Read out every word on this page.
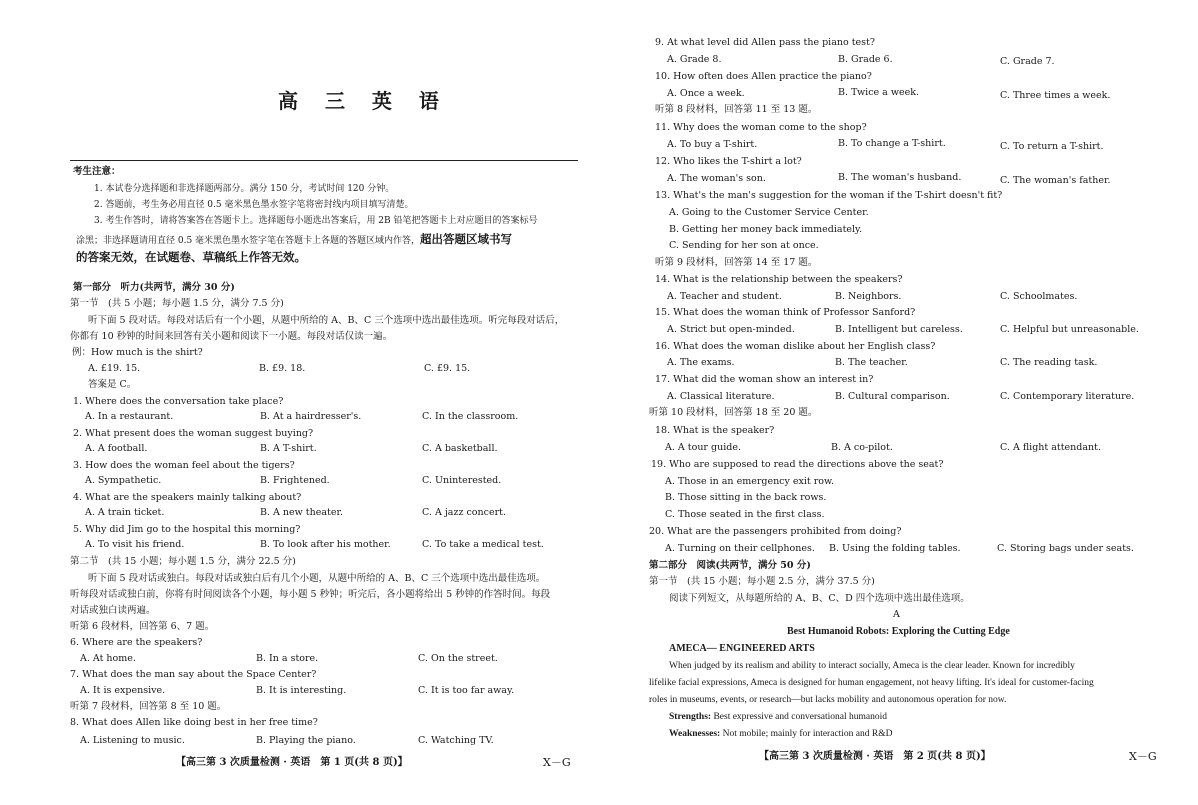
高 三 英 语
考生注意：
1. 本试卷分选择题和非选择题两部分。满分 150 分，考试时间 120 分钟。
2. 答题前，考生务必用直径 0.5 毫米黑色墨水签字笔将密封线内项目填写清楚。
3. 考生作答时，请将答案答在答题卡上。选择题每小题选出答案后，用 2B 铅笔把答题卡上对应题目的答案标号
涂黑；非选择题请用直径 0.5 毫米黑色墨水签字笔在答题卡上各题的答题区域内作答，超出答题区域书写
的答案无效，在试题卷、草稿纸上作答无效。
第一部分　听力(共两节，满分 30 分)
第一节　(共 5 小题；每小题 1.5 分，满分 7.5 分)
听下面 5 段对话。每段对话后有一个小题，从题中所给的 A、B、C 三个选项中选出最佳选项。听完每段对话后，
你都有 10 秒钟的时间来回答有关小题和阅读下一小题。每段对话仅读一遍。
例：How much is the shirt?
A. £19. 15.	B. £9. 18.	C. £9. 15.
答案是 C。
1. Where does the conversation take place?
A. In a restaurant.	B. At a hairdresser's.	C. In the classroom.
2. What present does the woman suggest buying?
A. A football.	B. A T-shirt.	C. A basketball.
3. How does the woman feel about the tigers?
A. Sympathetic.	B. Frightened.	C. Uninterested.
4. What are the speakers mainly talking about?
A. A train ticket.	B. A new theater.	C. A jazz concert.
5. Why did Jim go to the hospital this morning?
A. To visit his friend.	B. To look after his mother.	C. To take a medical test.
第二节　(共 15 小题；每小题 1.5 分，满分 22.5 分)
听下面 5 段对话或独白。每段对话或独白后有几个小题，从题中所给的 A、B、C 三个选项中选出最佳选项。
听每段对话或独白前，你将有时间阅读各个小题，每小题 5 秒钟；听完后，各小题将给出 5 秒钟的作答时间。每段
对话或独白读两遍。
听第 6 段材料，回答第 6、7 题。
6. Where are the speakers?
A. At home.	B. In a store.	C. On the street.
7. What does the man say about the Space Center?
A. It is expensive.	B. It is interesting.	C. It is too far away.
听第 7 段材料，回答第 8 至 10 题。
8. What does Allen like doing best in her free time?
A. Listening to music.	B. Playing the piano.	C. Watching TV.
【高三第 3 次质量检测 · 英语　第 1 页(共 8 页)】	X－G
9. At what level did Allen pass the piano test?
A. Grade 8.	B. Grade 6.	C. Grade 7.
10. How often does Allen practice the piano?
A. Once a week.	B. Twice a week.	C. Three times a week.
听第 8 段材料，回答第 11 至 13 题。
11. Why does the woman come to the shop?
A. To buy a T-shirt.	B. To change a T-shirt.	C. To return a T-shirt.
12. Who likes the T-shirt a lot?
A. The woman's son.	B. The woman's husband.	C. The woman's father.
13. What's the man's suggestion for the woman if the T-shirt doesn't fit?
A. Going to the Customer Service Center.
B. Getting her money back immediately.
C. Sending for her son at once.
听第 9 段材料，回答第 14 至 17 题。
14. What is the relationship between the speakers?
A. Teacher and student.	B. Neighbors.	C. Schoolmates.
15. What does the woman think of Professor Sanford?
A. Strict but open-minded.	B. Intelligent but careless.	C. Helpful but unreasonable.
16. What does the woman dislike about her English class?
A. The exams.	B. The teacher.	C. The reading task.
17. What did the woman show an interest in?
A. Classical literature.	B. Cultural comparison.	C. Contemporary literature.
听第 10 段材料，回答第 18 至 20 题。
18. What is the speaker?
A. A tour guide.	B. A co-pilot.	C. A flight attendant.
19. Who are supposed to read the directions above the seat?
A. Those in an emergency exit row.
B. Those sitting in the back rows.
C. Those seated in the first class.
20. What are the passengers prohibited from doing?
A. Turning on their cellphones. B. Using the folding tables.	C. Storing bags under seats.
第二部分　阅读(共两节，满分 50 分)
第一节　(共 15 小题；每小题 2.5 分，满分 37.5 分)
阅读下列短文，从每题所给的 A、B、C、D 四个选项中选出最佳选项。
A
Best Humanoid Robots: Exploring the Cutting Edge
AMECA— ENGINEERED ARTS
When judged by its realism and ability to interact socially, Ameca is the clear leader. Known for incredibly
lifelike facial expressions, Ameca is designed for human engagement, not heavy lifting. It's ideal for customer-facing
roles in museums, events, or research—but lacks mobility and autonomous operation for now.
Strengths: Best expressive and conversational humanoid
Weaknesses: Not mobile; mainly for interaction and R&D
【高三第 3 次质量检测 · 英语　第 2 页(共 8 页)】	X－G
